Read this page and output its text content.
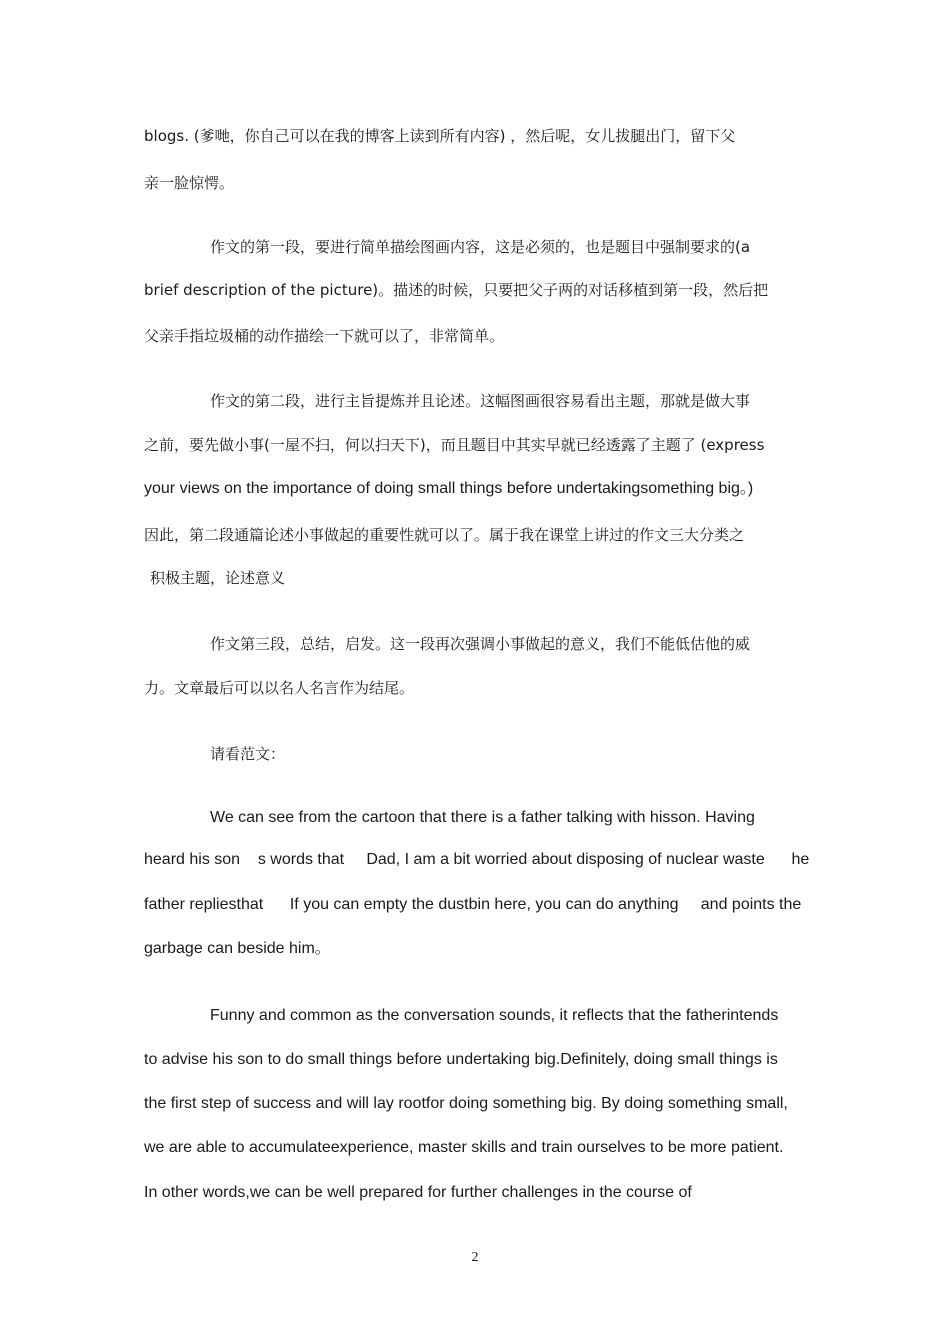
blogs. (爹哋，你自己可以在我的博客上读到所有内容) ，然后呢，女儿拔腿出门，留下父
亲一脸惊愕。
作文的第一段，要进行简单描绘图画内容，这是必须的，也是题目中强制要求的(a
brief description of the picture)。描述的时候，只要把父子两的对话移植到第一段，然后把
父亲手指垃圾桶的动作描绘一下就可以了，非常简单。
作文的第二段，进行主旨提炼并且论述。这幅图画很容易看出主题，那就是做大事
之前，要先做小事(一屋不扫，何以扫天下)，而且题目中其实早就已经透露了主题了 (express
your views on the importance of doing small things before undertakingsomething big。)
因此，第二段通篇论述小事做起的重要性就可以了。属于我在课堂上讲过的作文三大分类之
积极主题，论述意义
作文第三段，总结，启发。这一段再次强调小事做起的意义，我们不能低估他的威
力。文章最后可以以名人名言作为结尾。
请看范文：
We can see from the cartoon that there is a father talking with hisson. Having
heard his son    s words that     Dad, I am a bit worried about disposing of nuclear waste      he
father repliesthat      If you can empty the dustbin here, you can do anything     and points the
garbage can beside him。
Funny and common as the conversation sounds, it reflects that the fatherintends
to advise his son to do small things before undertaking big.Definitely, doing small things is
the first step of success and will lay rootfor doing something big. By doing something small,
we are able to accumulateexperience, master skills and train ourselves to be more patient.
In other words,we can be well prepared for further challenges in the course of
2
